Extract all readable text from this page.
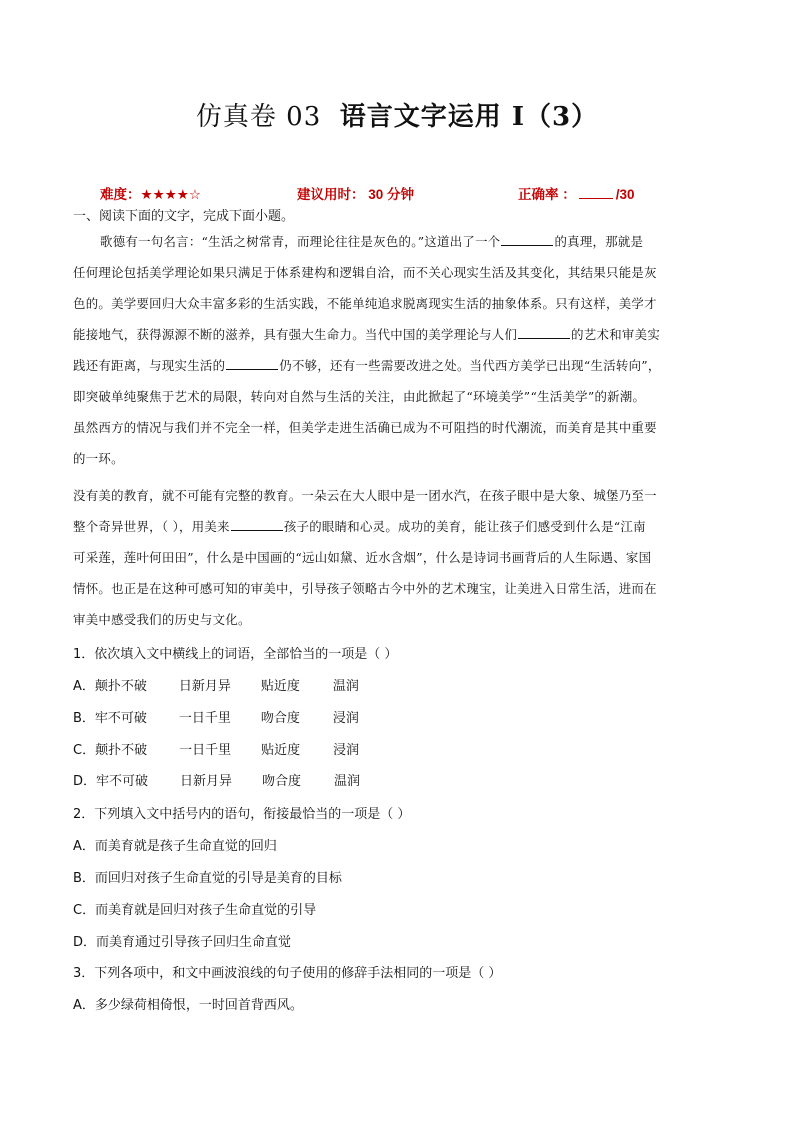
仿真卷 03 语言文字运用 I（3）
难度：★★★★☆	建议用时： 30 分钟	正确率 ：	/30
一、阅读下面的文字，完成下面小题。
歌德有一句名言：“生活之树常青，而理论往往是灰色的。”这道出了一个	的真理，那就是
任何理论包括美学理论如果只满足于体系建构和逻辑自洽，而不关心现实生活及其变化，其结果只能是灰
色的。美学要回归大众丰富多彩的生活实践，不能单纯追求脱离现实生活的抽象体系。只有这样，美学才
能接地气，获得源源不断的滋养，具有强大生命力。当代中国的美学理论与人们	的艺术和审美实
践还有距离，与现实生活的	仍不够，还有一些需要改进之处。当代西方美学已出现“生活转向”，
即突破单纯聚焦于艺术的局限，转向对自然与生活的关注，由此掀起了“环境美学”“生活美学”的新潮。
虽然西方的情况与我们并不完全一样，但美学走进生活确已成为不可阻挡的时代潮流，而美育是其中重要
的一环。
没有美的教育，就不可能有完整的教育。一朵云在大人眼中是一团水汽，在孩子眼中是大象、城堡乃至一
整个奇异世界，（ ），用美来	孩子的眼睛和心灵。成功的美育，能让孩子们感受到什么是“江南
可采莲，莲叶何田田”，什么是中国画的“远山如黛、近水含烟”，什么是诗词书画背后的人生际遇、家国
情怀。也正是在这种可感可知的审美中，引导孩子领略古今中外的艺术瑰宝，让美进入日常生活，进而在
审美中感受我们的历史与文化。
1．依次填入文中横线上的词语，全部恰当的一项是（ ）
A．颠扑不破 日新月异 贴近度	温润
B．牢不可破 一日千里 吻合度	浸润
C．颠扑不破 一日千里 贴近度	浸润
D．牢不可破 日新月异 吻合度	温润
2．下列填入文中括号内的语句，衔接最恰当的一项是（ ）
A．而美育就是孩子生命直觉的回归
B．而回归对孩子生命直觉的引导是美育的目标
C．而美育就是回归对孩子生命直觉的引导
D．而美育通过引导孩子回归生命直觉
3．下列各项中，和文中画波浪线的句子使用的修辞手法相同的一项是（ ）
A．多少绿荷相倚恨，一时回首背西风。
